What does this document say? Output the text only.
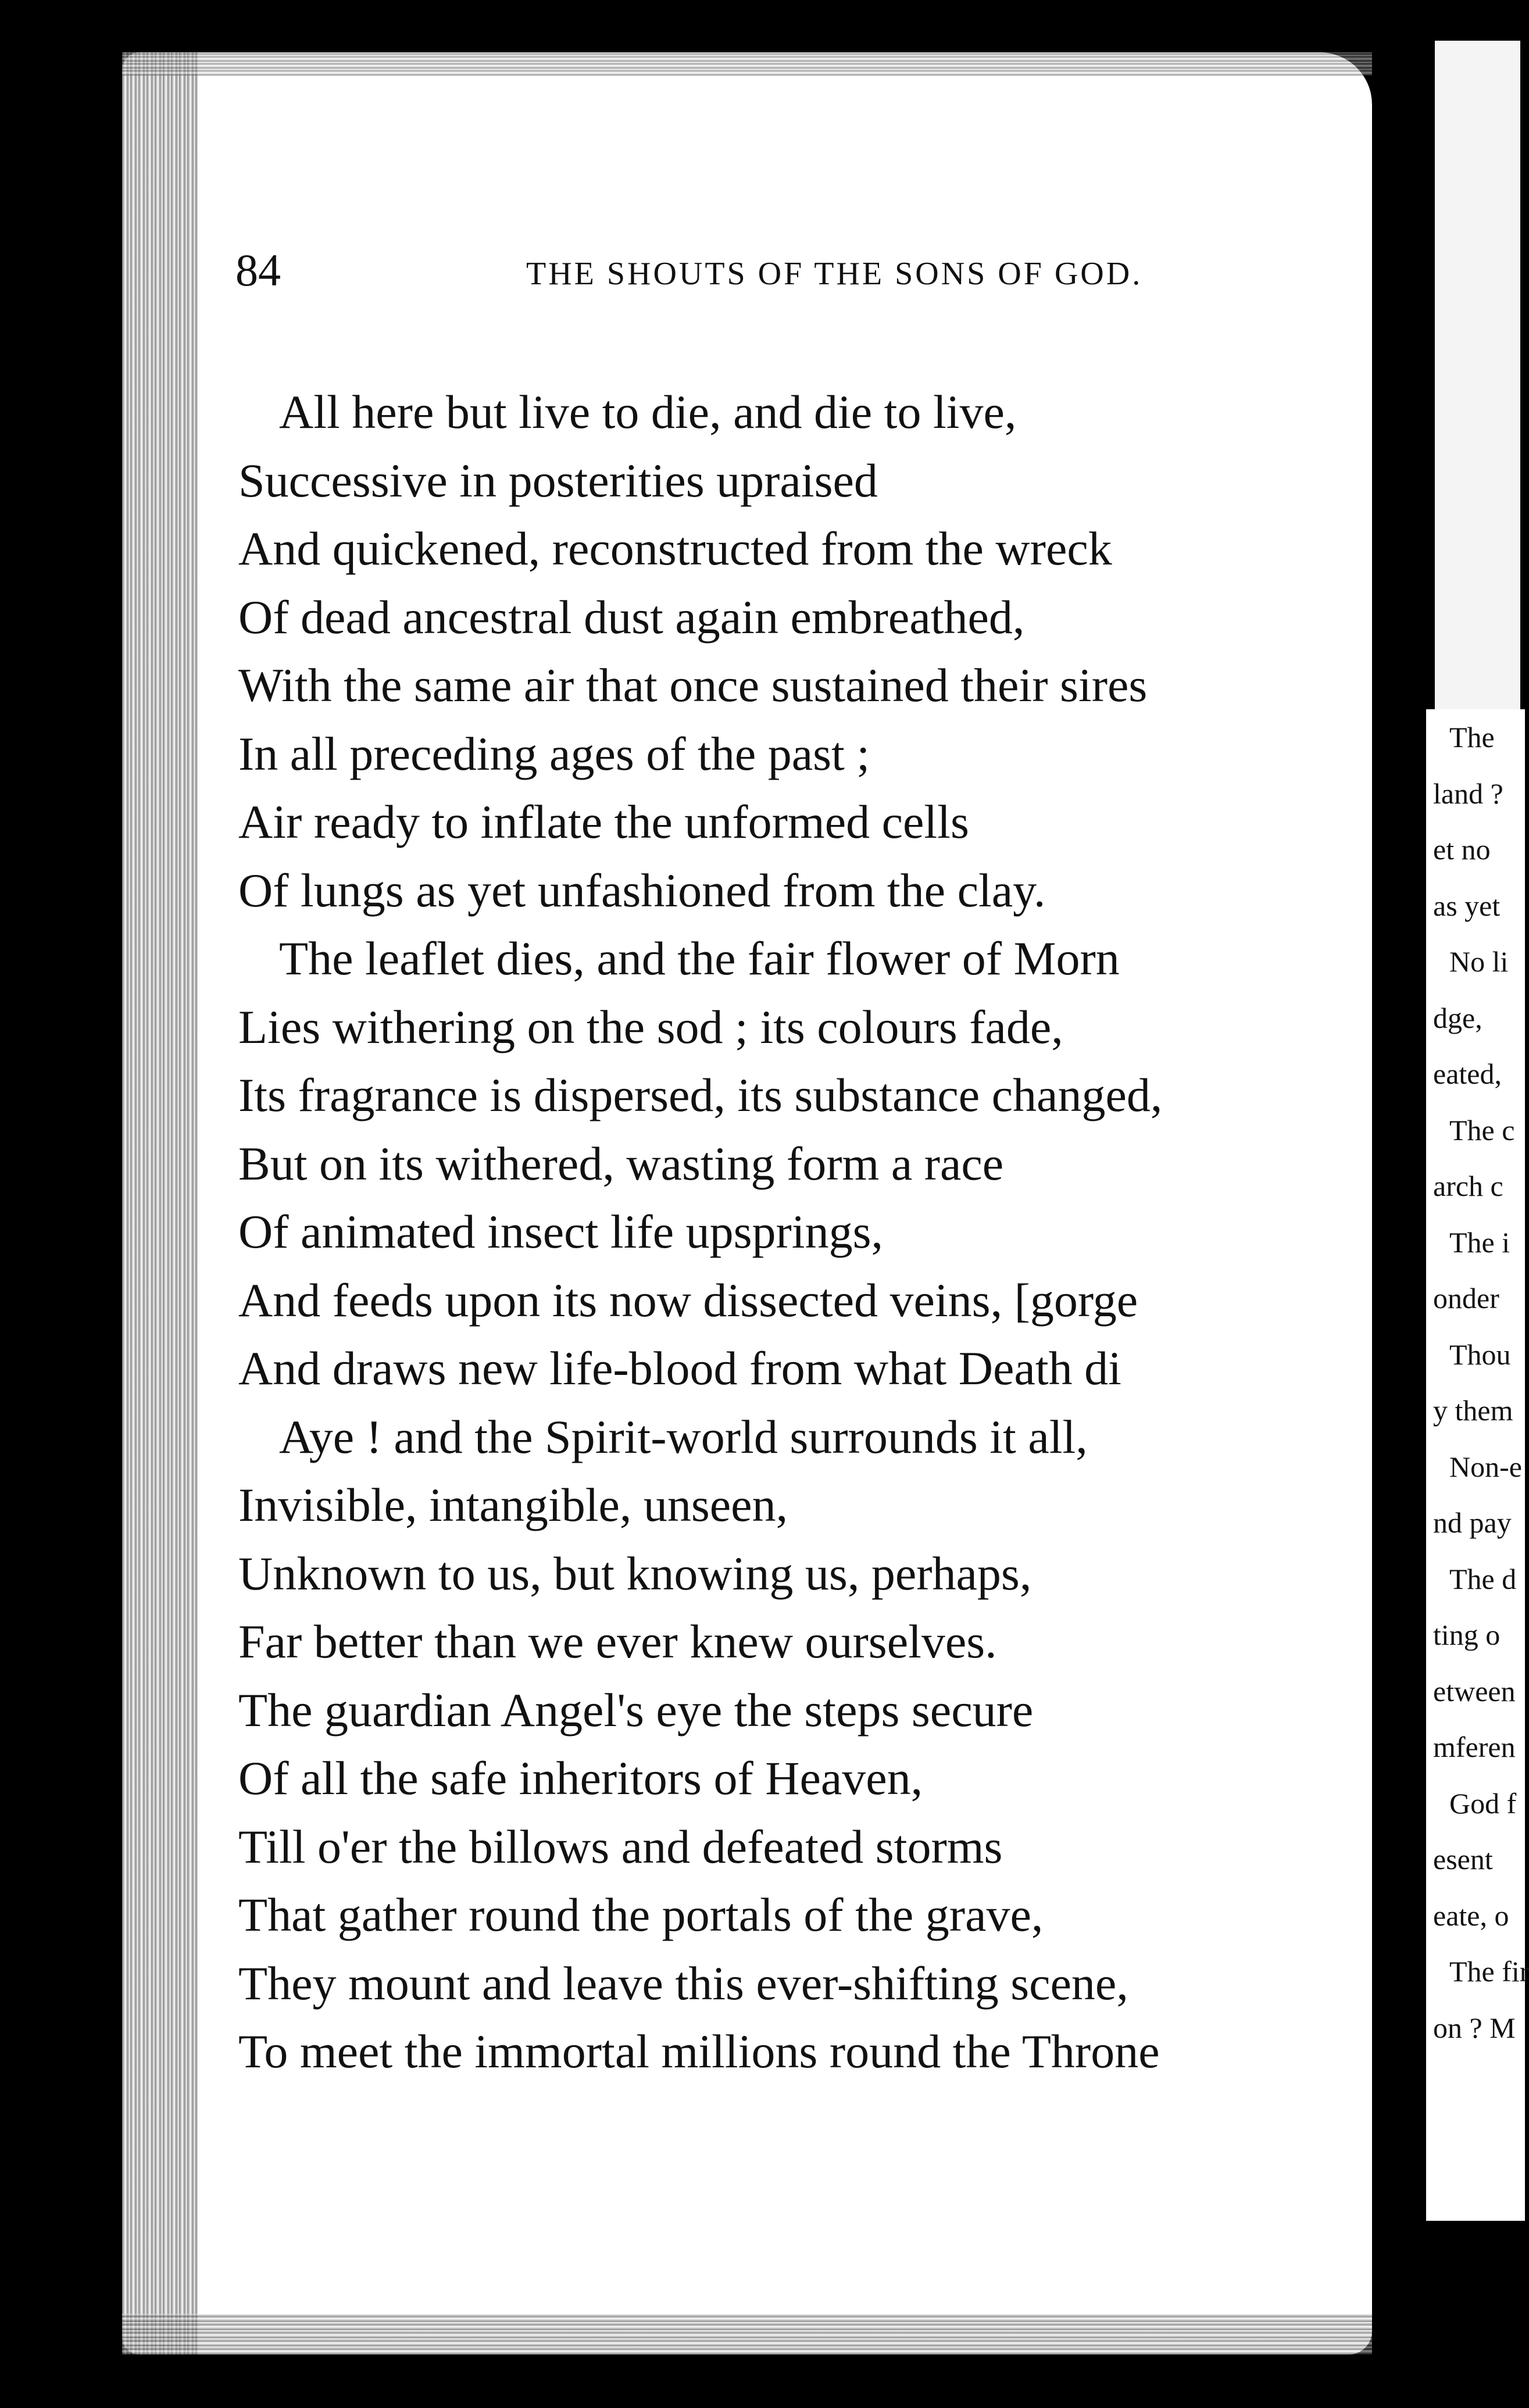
84	THE SHOUTS OF THE SONS OF GOD.
All here but live to die, and die to live,
Successive in posterities upraised
And quickened, reconstructed from the wreck
Of dead ancestral dust again embreathed,
With the same air that once sustained their sires
In all preceding ages of the past ;
Air ready to inflate the unformed cells
Of lungs as yet unfashioned from the clay.
The leaflet dies, and the fair flower of Morn
Lies withering on the sod ; its colours fade,
Its fragrance is dispersed, its substance changed,
But on its withered, wasting form a race
Of animated insect life upsprings,
And feeds upon its now dissected veins, [gorge
And draws new life-blood from what Death di
Aye ! and the Spirit-world surrounds it all,
Invisible, intangible, unseen,
Unknown to us, but knowing us, perhaps,
Far better than we ever knew ourselves.
The guardian Angel's eye the steps secure
Of all the safe inheritors of Heaven,
Till o'er the billows and defeated storms
That gather round the portals of the grave,
They mount and leave this ever-shifting scene,
To meet the immortal millions round the Throne
The
land ?
et no
as yet
No li
dge,
eated,
The c
arch c
The i
onder
Thou
y them
Non-e
nd pay
The d
ting o
etween
mferen
God f
esent
eate, o
The fir
on ? M
